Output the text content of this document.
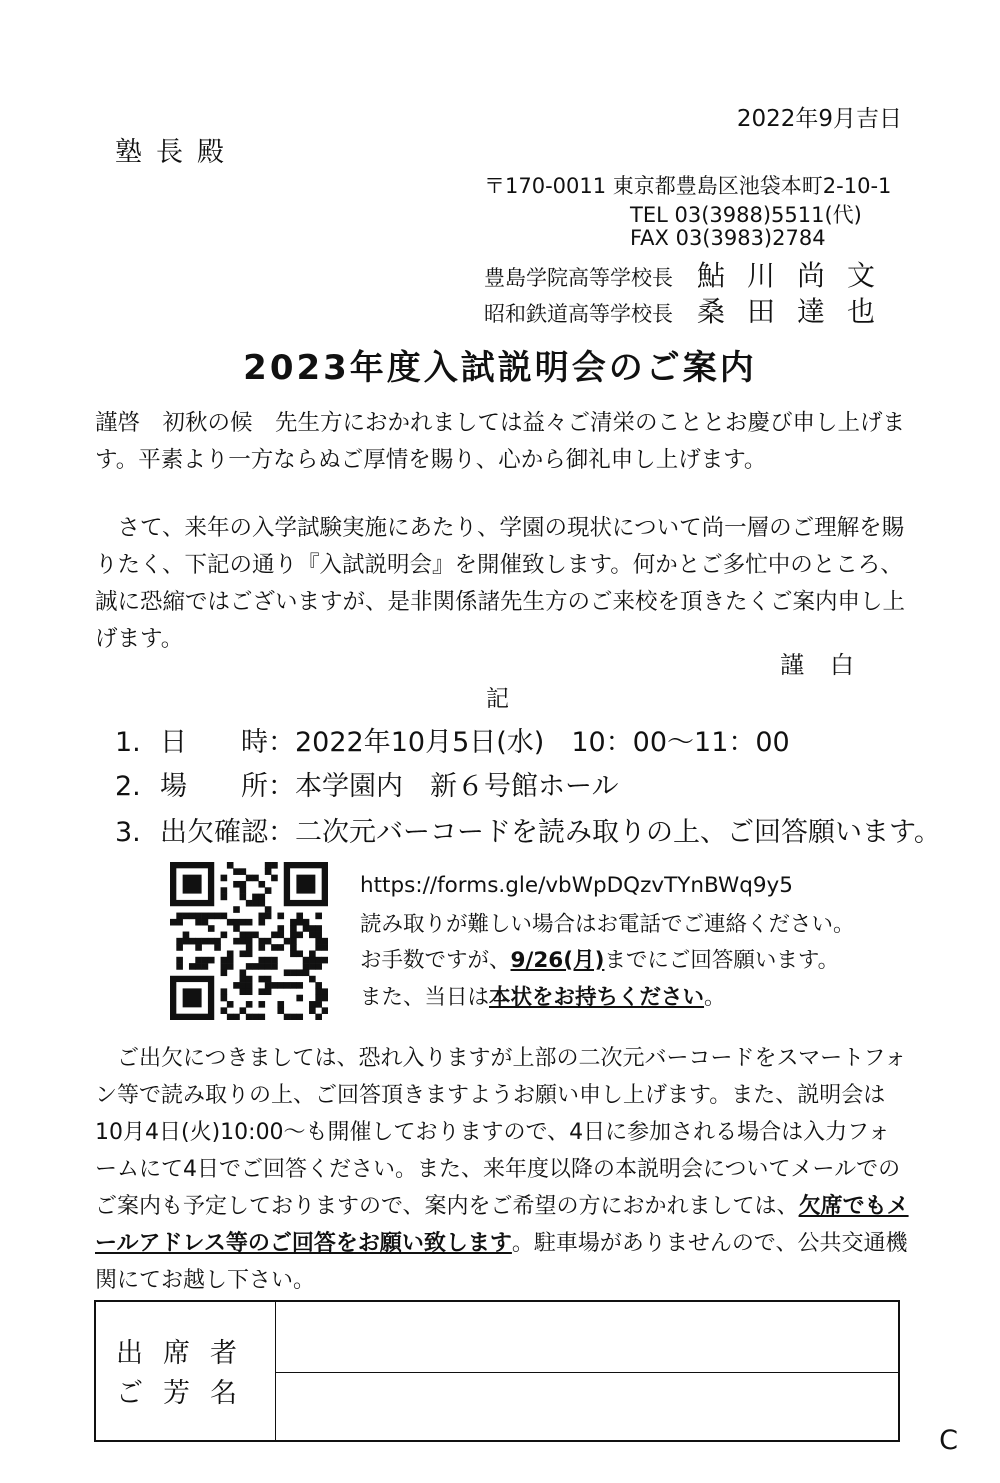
2022年9月吉日
塾長殿
〒170-0011 東京都豊島区池袋本町2-10-1
TEL 03(3988)5511(代)
FAX 03(3983)2784
豊島学院高等学校長 鮎川尚文
昭和鉄道高等学校長 桑田達也
2023年度入試説明会のご案内
謹啓　初秋の候　先生方におかれましては益々ご清栄のこととお慶び申し上げます。平素より一方ならぬご厚情を賜り、心から御礼申し上げます。
さて、来年の入学試験実施にあたり、学園の現状について尚一層のご理解を賜りたく、下記の通り『入試説明会』を開催致します。何かとご多忙中のところ、誠に恐縮ではございますが、是非関係諸先生方のご来校を頂きたくご案内申し上げます。
謹白
記
1. 日　　時：2022年10月5日(水)　10：00～11：00
2. 場　　所：本学園内　新６号館ホール
3. 出欠確認：二次元バーコードを読み取りの上、ご回答願います。
https://forms.gle/vbWpDQzvTYnBWq9y5
読み取りが難しい場合はお電話でご連絡ください。
お手数ですが、9/26(月)までにご回答願います。
また、当日は本状をお持ちください。
ご出欠につきましては、恐れ入りますが上部の二次元バーコードをスマートフォン等で読み取りの上、ご回答頂きますようお願い申し上げます。また、説明会は10月4日(火)10:00～も開催しておりますので、4日に参加される場合は入力フォームにて4日でご回答ください。また、来年度以降の本説明会についてメールでのご案内も予定しておりますので、案内をご希望の方におかれましては、欠席でもメールアドレス等のご回答をお願い致します。駐車場がありませんので、公共交通機関にてお越し下さい。
出席者
ご芳名
C
